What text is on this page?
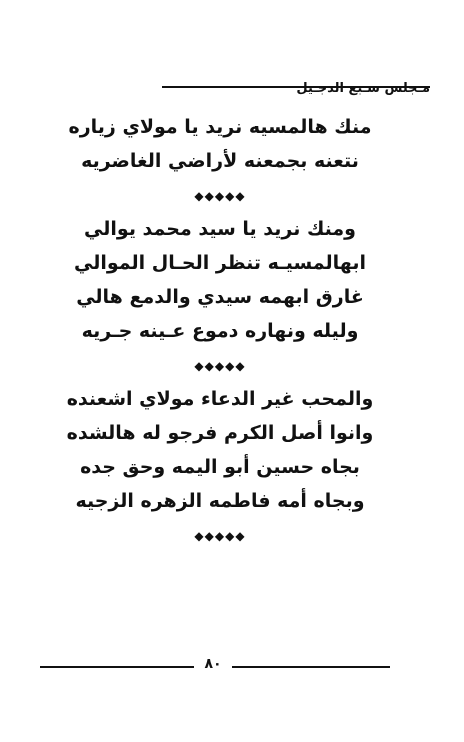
مـجلس سـبع الدجـيل
منك هالمسيه نريد يا مولاي زياره
نتعنه بجمعنه لأراضي الغاضريه
◆◆◆◆◆
ومنك نريد يا سيد محمد يوالي
ابهالمسيـه تنظر الحـال الموالي
غارق ابهمه سيدي والدمع هالي
وليله ونهاره دموع عـينه جـريه
◆◆◆◆◆
والمحب غير الدعاء مولاي اشعنده
وانوا أصل الكرم فرجو له هالشده
بجاه حسين أبو اليمه وحق جده
وبجاه أمه فاطمه الزهره الزجيه
◆◆◆◆◆
٨٠
